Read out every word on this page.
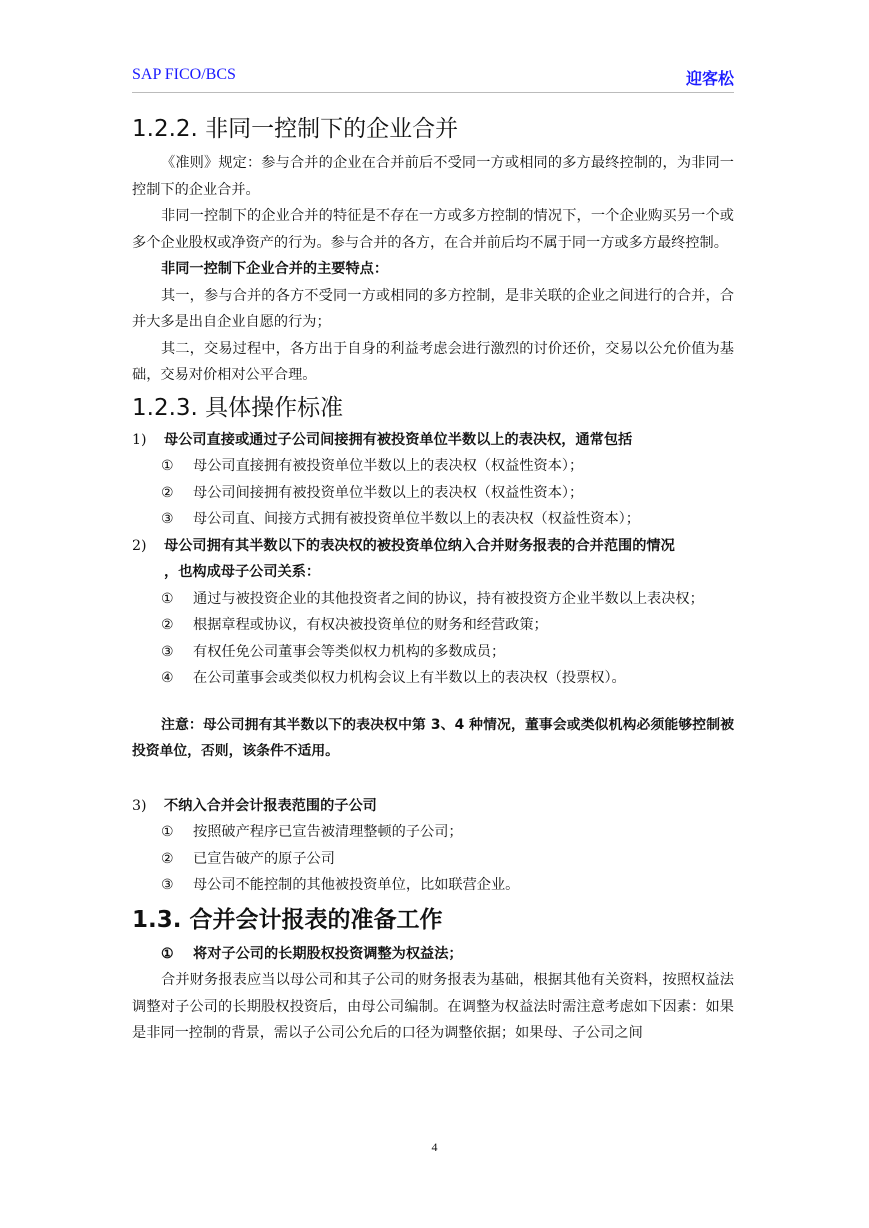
SAP FICO/BCS	迎客松
1.2.2. 非同一控制下的企业合并

《准则》规定：参与合并的企业在合并前后不受同一方或相同的多方最终控制的，为非同一控制下的企业合并。

非同一控制下的企业合并的特征是不存在一方或多方控制的情况下，一个企业购买另一个或多个企业股权或净资产的行为。参与合并的各方，在合并前后均不属于同一方或多方最终控制。

非同一控制下企业合并的主要特点：

其一，参与合并的各方不受同一方或相同的多方控制，是非关联的企业之间进行的合并，合并大多是出自企业自愿的行为；

其二，交易过程中，各方出于自身的利益考虑会进行激烈的讨价还价，交易以公允价值为基础，交易对价相对公平合理。

1.2.3. 具体操作标准
1)	母公司直接或通过子公司间接拥有被投资单位半数以上的表决权，通常包括
①	母公司直接拥有被投资单位半数以上的表决权（权益性资本）；
②	母公司间接拥有被投资单位半数以上的表决权（权益性资本）；
③	母公司直、间接方式拥有被投资单位半数以上的表决权（权益性资本）；
2)	母公司拥有其半数以下的表决权的被投资单位纳入合并财务报表的合并范围的情况
，也构成母子公司关系：
①	通过与被投资企业的其他投资者之间的协议，持有被投资方企业半数以上表决权；
②	根据章程或协议，有权决被投资单位的财务和经营政策；
③	有权任免公司董事会等类似权力机构的多数成员；
④	在公司董事会或类似权力机构会议上有半数以上的表决权（投票权）。

注意：母公司拥有其半数以下的表决权中第 3、4 种情况，董事会或类似机构必须能够控制被投资单位，否则，该条件不适用。

3)	不纳入合并会计报表范围的子公司
①	按照破产程序已宣告被清理整顿的子公司；
②	已宣告破产的原子公司
③	母公司不能控制的其他被投资单位，比如联营企业。
1.3. 合并会计报表的准备工作
①	将对子公司的长期股权投资调整为权益法；

合并财务报表应当以母公司和其子公司的财务报表为基础，根据其他有关资料，按照权益法调整对子公司的长期股权投资后，由母公司编制。在调整为权益法时需注意考虑如下因素：如果是非同一控制的背景，需以子公司公允后的口径为调整依据；如果母、子公司之间

4
